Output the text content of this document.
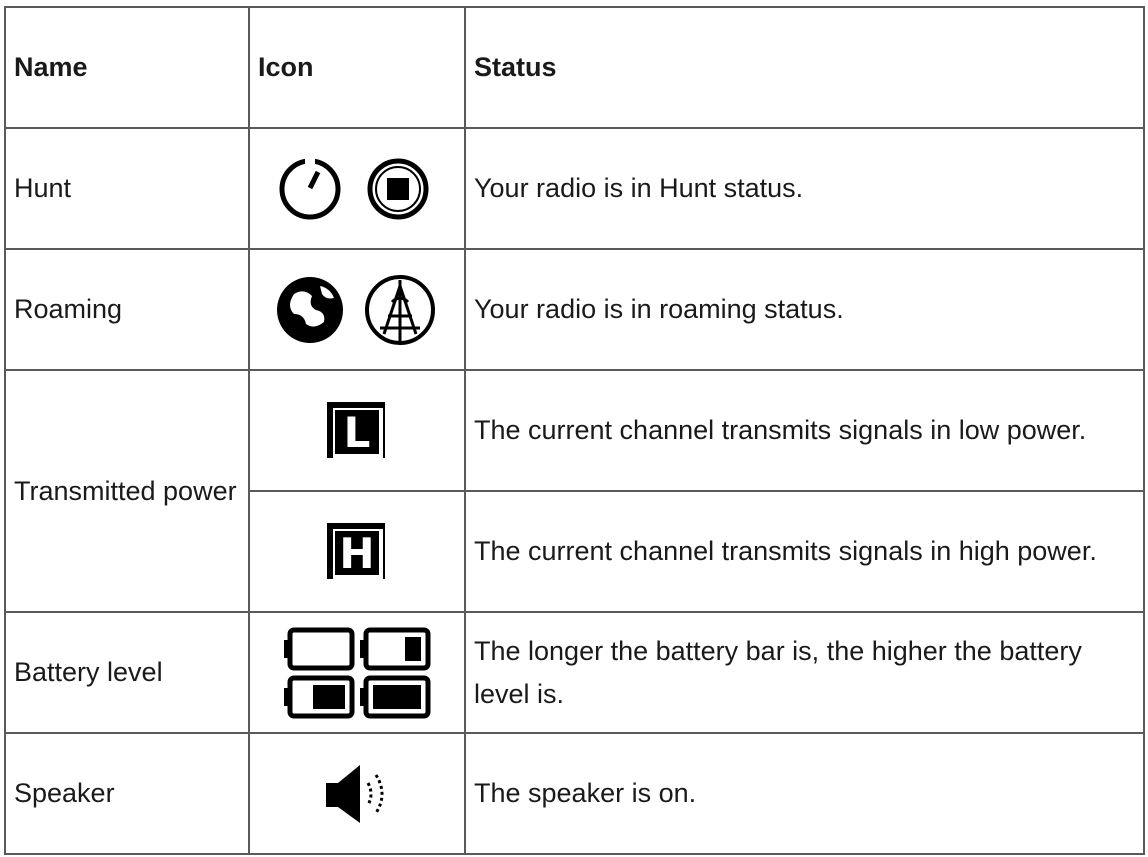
Name	Icon	Status
Hunt		Your radio is in Hunt status.
Roaming		Your radio is in roaming status.
Transmitted power	L	The current channel transmits signals in low power.

H	The current channel transmits signals in high power.
Battery level		The longer the battery bar is, the higher the battery level is.
Speaker		The speaker is on.
